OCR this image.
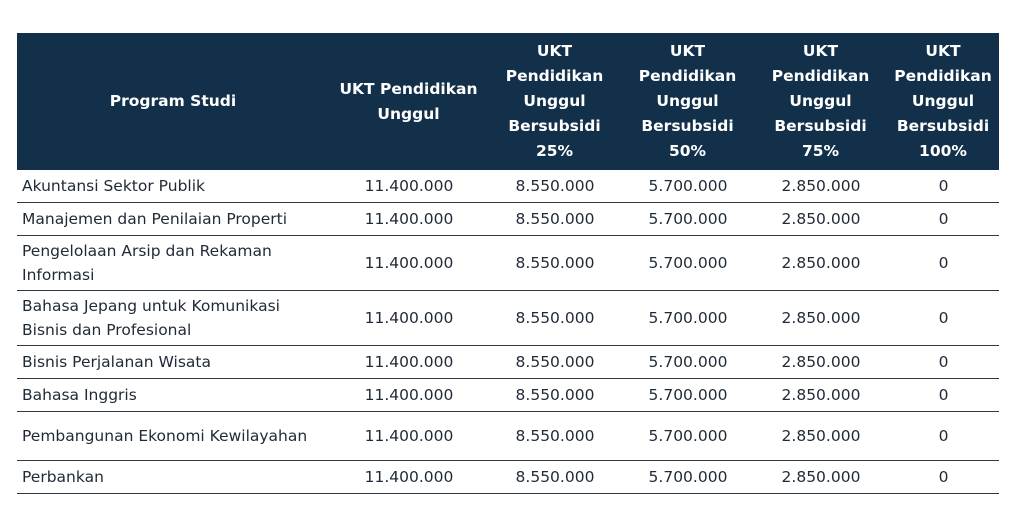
Program Studi	UKT Pendidikan Unggul	UKT Pendidikan Unggul Bersubsidi 25%	UKT Pendidikan Unggul Bersubsidi 50%	UKT Pendidikan Unggul Bersubsidi 75%	UKT Pendidikan Unggul Bersubsidi 100%
Akuntansi Sektor Publik	11.400.000	8.550.000	5.700.000	2.850.000	0
Manajemen dan Penilaian Properti	11.400.000	8.550.000	5.700.000	2.850.000	0
Pengelolaan Arsip dan Rekaman Informasi	11.400.000	8.550.000	5.700.000	2.850.000	0
Bahasa Jepang untuk Komunikasi Bisnis dan Profesional	11.400.000	8.550.000	5.700.000	2.850.000	0
Bisnis Perjalanan Wisata	11.400.000	8.550.000	5.700.000	2.850.000	0
Bahasa Inggris	11.400.000	8.550.000	5.700.000	2.850.000	0
Pembangunan Ekonomi Kewilayahan	11.400.000	8.550.000	5.700.000	2.850.000	0
Perbankan	11.400.000	8.550.000	5.700.000	2.850.000	0
